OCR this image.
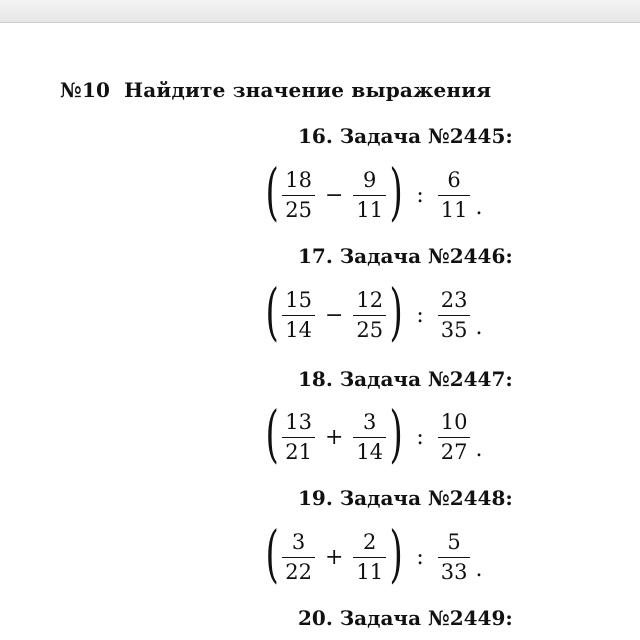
№10 Найдите значение выражения
16. Задача №2445:
( $\frac{18}{25} - \frac{9}{11}$ ) : $\frac{6}{11}$ .
17. Задача №2446:
( $\frac{15}{14} - \frac{12}{25}$ ) : $\frac{23}{35}$ .
18. Задача №2447:
( $\frac{13}{21} + \frac{3}{14}$ ) : $\frac{10}{27}$ .
19. Задача №2448:
( $\frac{3}{22} + \frac{2}{11}$ ) : $\frac{5}{33}$ .
20. Задача №2449:
